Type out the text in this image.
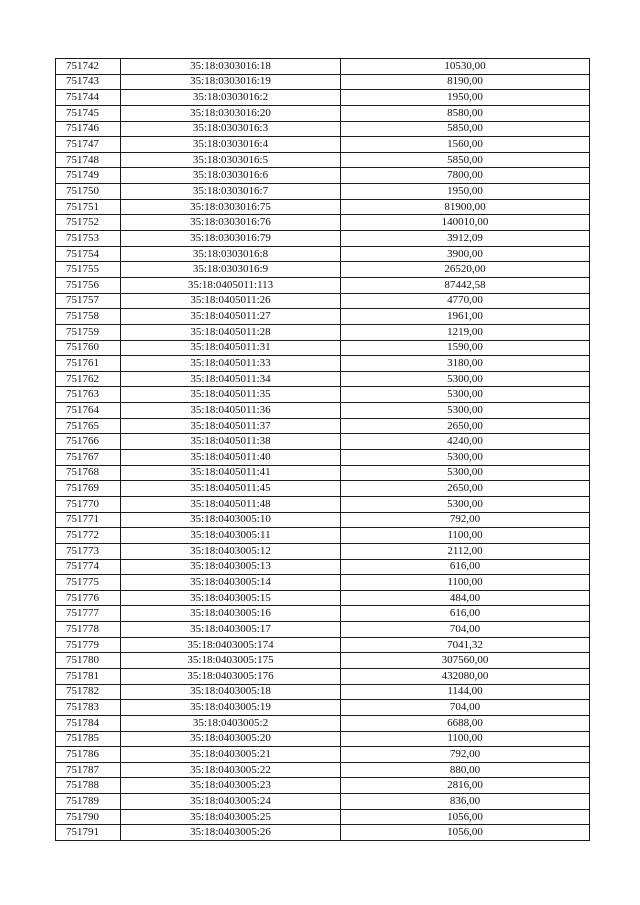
751742	35:18:0303016:18	10530,00
751743	35:18:0303016:19	8190,00
751744	35:18:0303016:2	1950,00
751745	35:18:0303016:20	8580,00
751746	35:18:0303016:3	5850,00
751747	35:18:0303016:4	1560,00
751748	35:18:0303016:5	5850,00
751749	35:18:0303016:6	7800,00
751750	35:18:0303016:7	1950,00
751751	35:18:0303016:75	81900,00
751752	35:18:0303016:76	140010,00
751753	35:18:0303016:79	3912,09
751754	35:18:0303016:8	3900,00
751755	35:18:0303016:9	26520,00
751756	35:18:0405011:113	87442,58
751757	35:18:0405011:26	4770,00
751758	35:18:0405011:27	1961,00
751759	35:18:0405011:28	1219,00
751760	35:18:0405011:31	1590,00
751761	35:18:0405011:33	3180,00
751762	35:18:0405011:34	5300,00
751763	35:18:0405011:35	5300,00
751764	35:18:0405011:36	5300,00
751765	35:18:0405011:37	2650,00
751766	35:18:0405011:38	4240,00
751767	35:18:0405011:40	5300,00
751768	35:18:0405011:41	5300,00
751769	35:18:0405011:45	2650,00
751770	35:18:0405011:48	5300,00
751771	35:18:0403005:10	792,00
751772	35:18:0403005:11	1100,00
751773	35:18:0403005:12	2112,00
751774	35:18:0403005:13	616,00
751775	35:18:0403005:14	1100,00
751776	35:18:0403005:15	484,00
751777	35:18:0403005:16	616,00
751778	35:18:0403005:17	704,00
751779	35:18:0403005:174	7041,32
751780	35:18:0403005:175	307560,00
751781	35:18:0403005:176	432080,00
751782	35:18:0403005:18	1144,00
751783	35:18:0403005:19	704,00
751784	35:18:0403005:2	6688,00
751785	35:18:0403005:20	1100,00
751786	35:18:0403005:21	792,00
751787	35:18:0403005:22	880,00
751788	35:18:0403005:23	2816,00
751789	35:18:0403005:24	836,00
751790	35:18:0403005:25	1056,00
751791	35:18:0403005:26	1056,00
